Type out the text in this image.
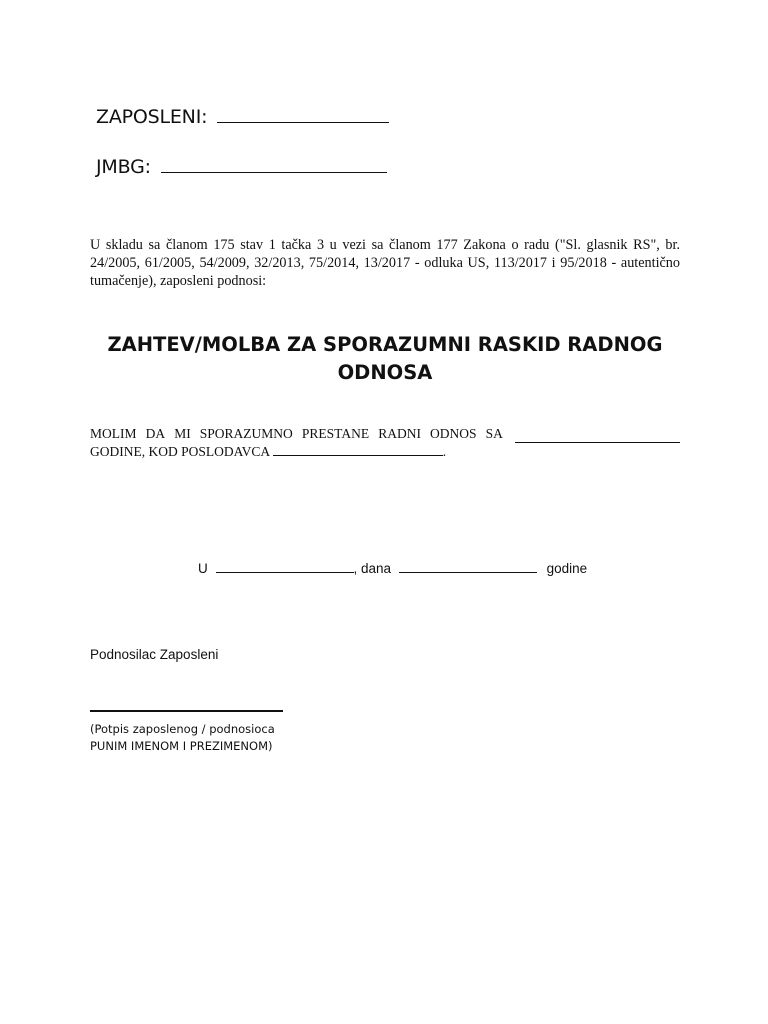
ZAPOSLENI:
JMBG:
U skladu sa članom 175 stav 1 tačka 3 u vezi sa članom 177 Zakona o radu ("Sl. glasnik RS", br. 24/2005, 61/2005, 54/2009, 32/2013, 75/2014, 13/2017 - odluka US, 113/2017 i 95/2018 - autentično tumačenje), zaposleni podnosi:
ZAHTEV/MOLBA ZA SPORAZUMNI RASKID RADNOG
ODNOSA
MOLIM DA MI SPORAZUMNO PRESTANE RADNI ODNOS SA
GODINE, KOD POSLODAVCA	.
U	, dana	godine
Podnosilac Zaposleni
(Potpis zaposlenog / podnosioca
PUNIM IMENOM I PREZIMENOM)
